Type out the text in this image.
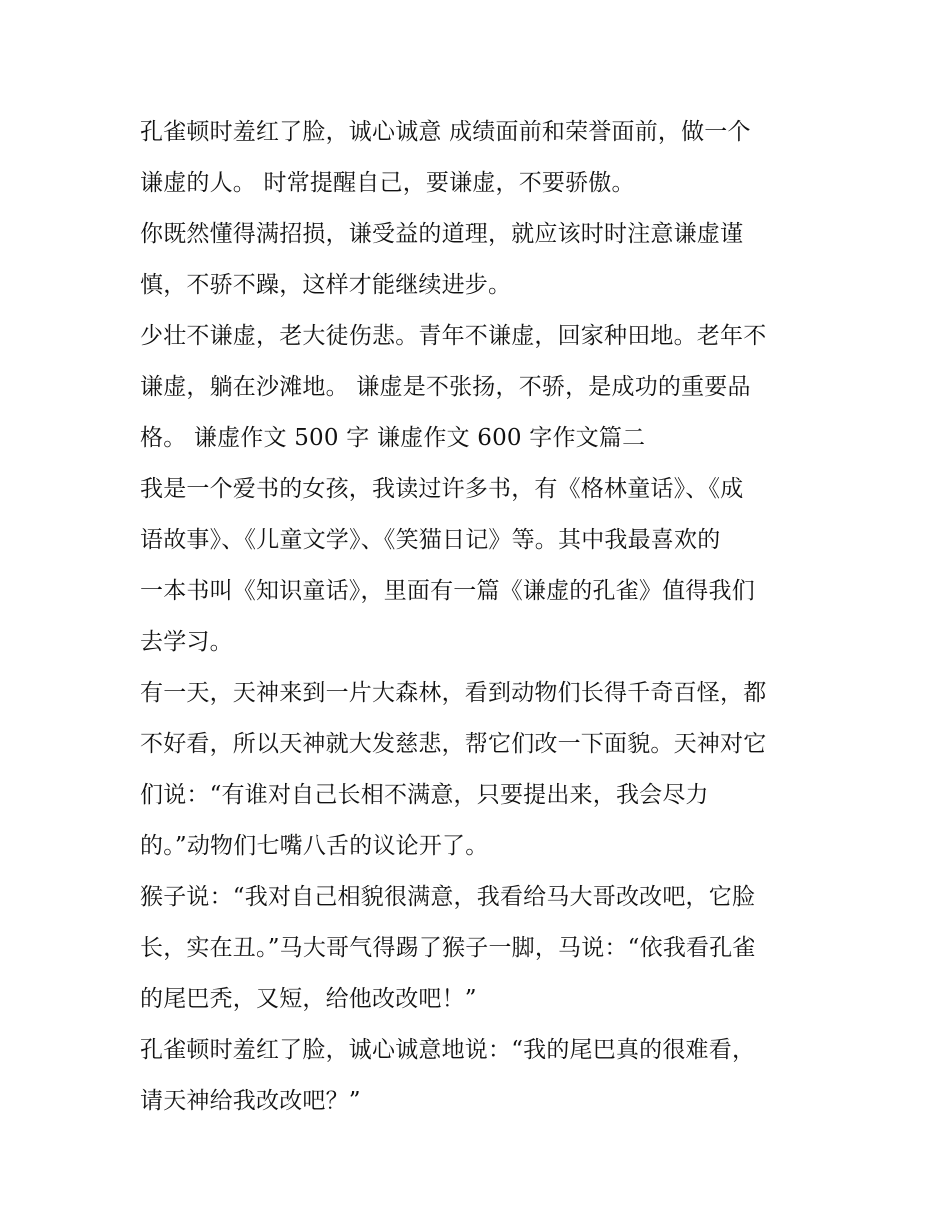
孔雀顿时羞红了脸，诚心诚意 成绩面前和荣誉面前，做一个
谦虚的人。 时常提醒自己，要谦虚，不要骄傲。
你既然懂得满招损，谦受益的道理，就应该时时注意谦虚谨
慎，不骄不躁，这样才能继续进步。
少壮不谦虚，老大徒伤悲。青年不谦虚，回家种田地。老年不
谦虚，躺在沙滩地。 谦虚是不张扬，不骄，是成功的重要品
格。 谦虚作文 500 字 谦虚作文 600 字作文篇二
我是一个爱书的女孩，我读过许多书，有《格林童话》、《成
语故事》、《儿童文学》、《笑猫日记》等。其中我最喜欢的
一本书叫《知识童话》，里面有一篇《谦虚的孔雀》值得我们
去学习。
有一天，天神来到一片大森林，看到动物们长得千奇百怪，都
不好看，所以天神就大发慈悲，帮它们改一下面貌。天神对它
们说：“有谁对自己长相不满意，只要提出来，我会尽力
的。”动物们七嘴八舌的议论开了。
猴子说：“我对自己相貌很满意，我看给马大哥改改吧，它脸
长，实在丑。”马大哥气得踢了猴子一脚，马说：“依我看孔雀
的尾巴秃，又短，给他改改吧！”
孔雀顿时羞红了脸，诚心诚意地说：“我的尾巴真的很难看，
请天神给我改改吧？”
